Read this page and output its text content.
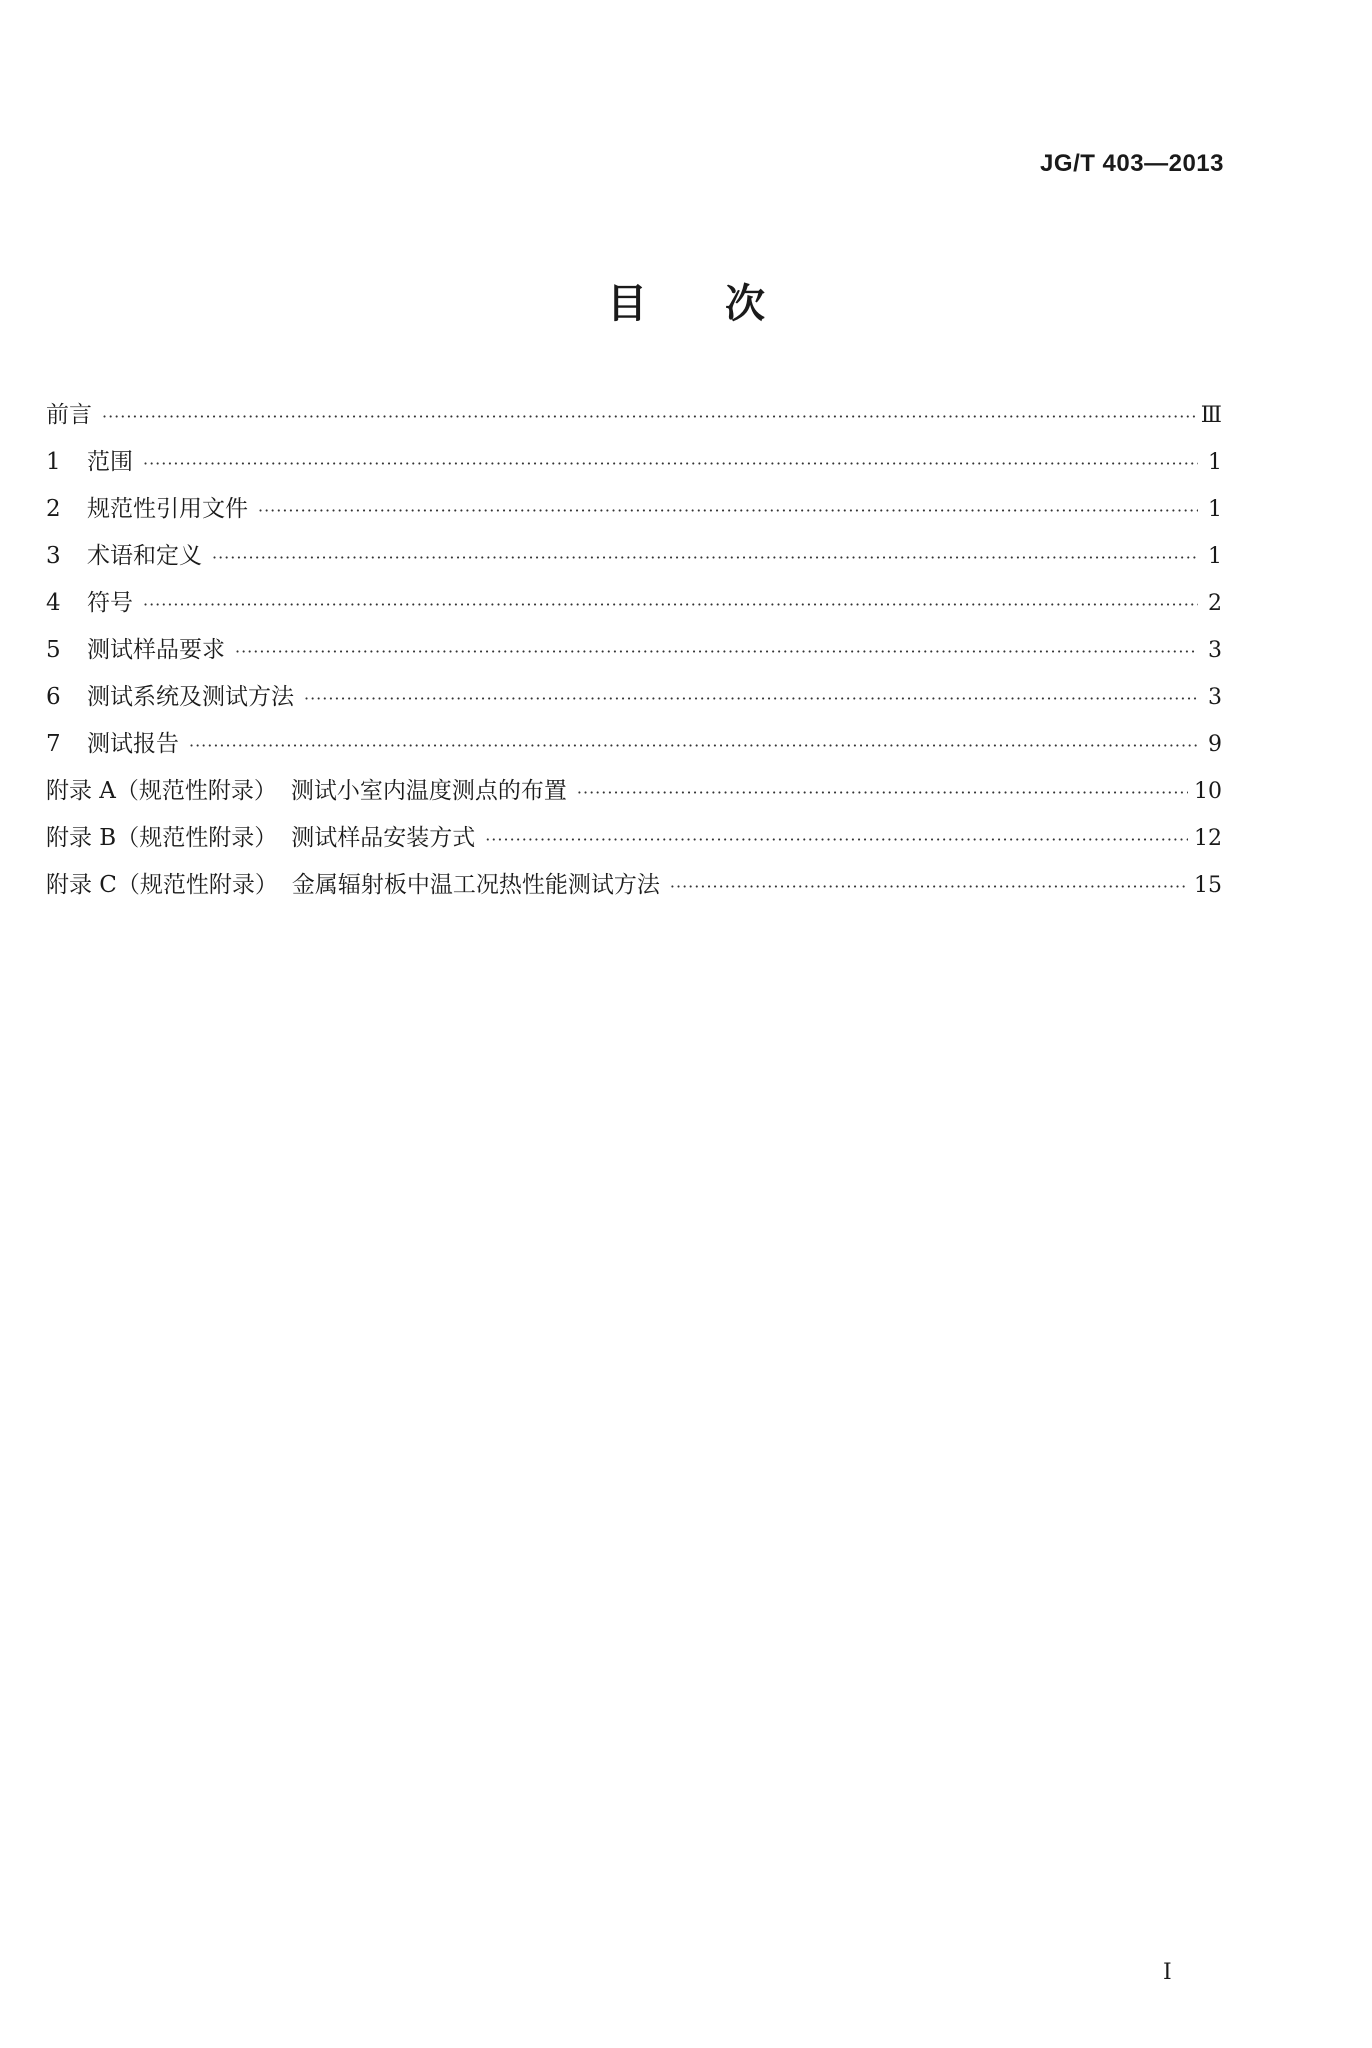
JG/T 403—2013
目次
前言 ·····	Ⅲ
1	范围 ·····	1
2	规范性引用文件 ·····	1
3	术语和定义 ·····	1
4	符号 ·····	2
5	测试样品要求 ·····	3
6	测试系统及测试方法 ·····	3
7	测试报告 ·····	9
附录 A（规范性附录） 测试小室内温度测点的布置 ·····	10
附录 B（规范性附录） 测试样品安装方式 ·····	12
附录 C（规范性附录） 金属辐射板中温工况热性能测试方法 ·····	15
I
